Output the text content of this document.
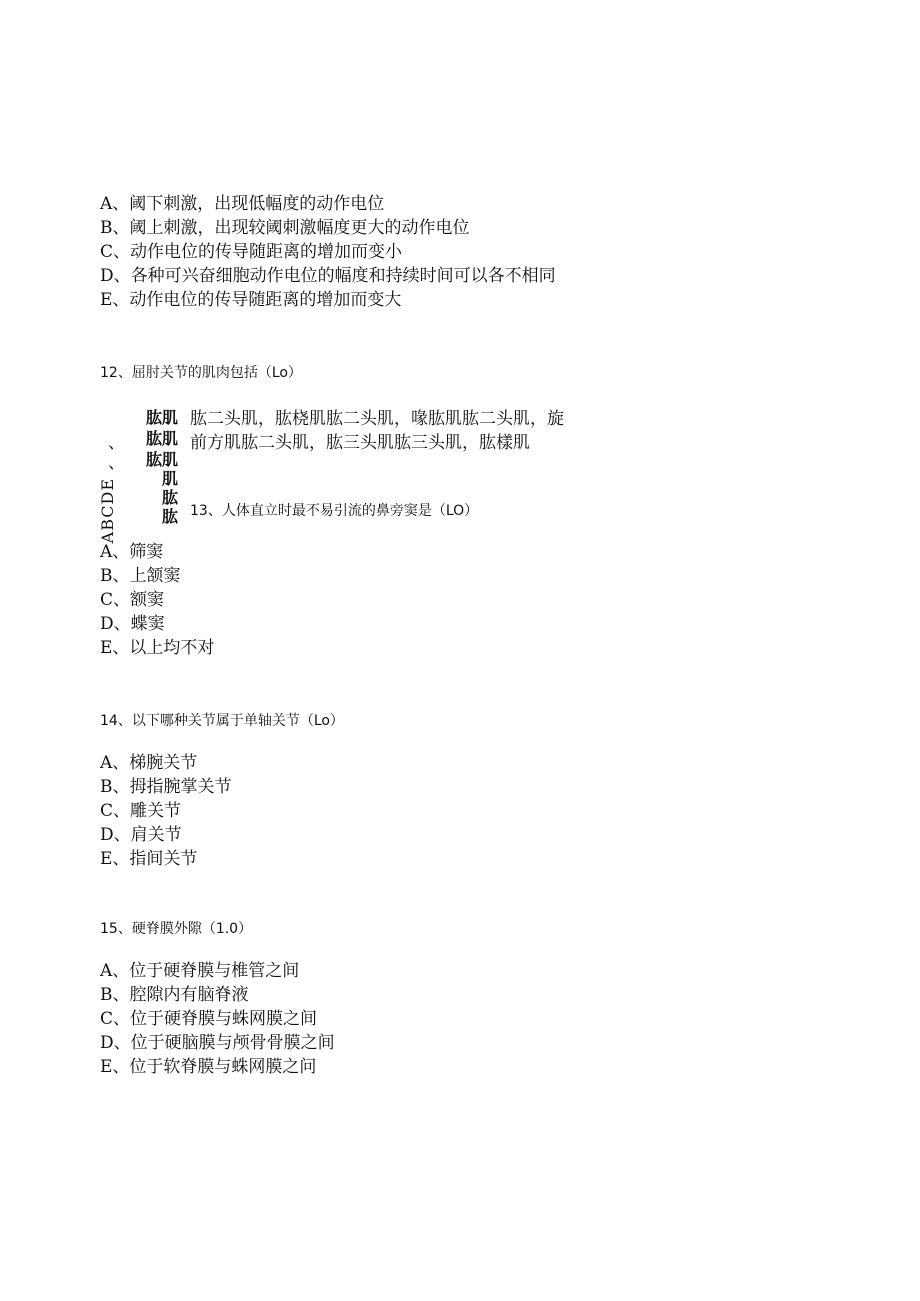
A、阈下刺激，出现低幅度的动作电位
B、阈上刺激，出现较阈刺激幅度更大的动作电位
C、动作电位的传导随距离的增加而变小
D、各种可兴奋细胞动作电位的幅度和持续时间可以各不相同
E、动作电位的传导随距离的增加而变大
12、屈肘关节的肌肉包括（Lo）
ABCDE
、
、
肱肌
肱肌
肱肌
肌
肱
肱
肱二头肌，肱桡肌肱二头肌，喙肱肌肱二头肌，旋
前方肌肱二头肌，肱三头肌肱三头肌，肱樣肌
13、人体直立时最不易引流的鼻旁窦是（LO）
A、筛窦
B、上颔窦
C、额窦
D、蝶窦
E、以上均不对
14、以下哪种关节属于单轴关节（Lo）
A、梯腕关节
B、拇指腕掌关节
C、雕关节
D、肩关节
E、指间关节
15、硬脊膜外隙（1.0）
A、位于硬脊膜与椎管之间
B、腔隙内有脑脊液
C、位于硬脊膜与蛛网膜之间
D、位于硬脑膜与颅骨骨膜之间
E、位于软脊膜与蛛网膜之问
